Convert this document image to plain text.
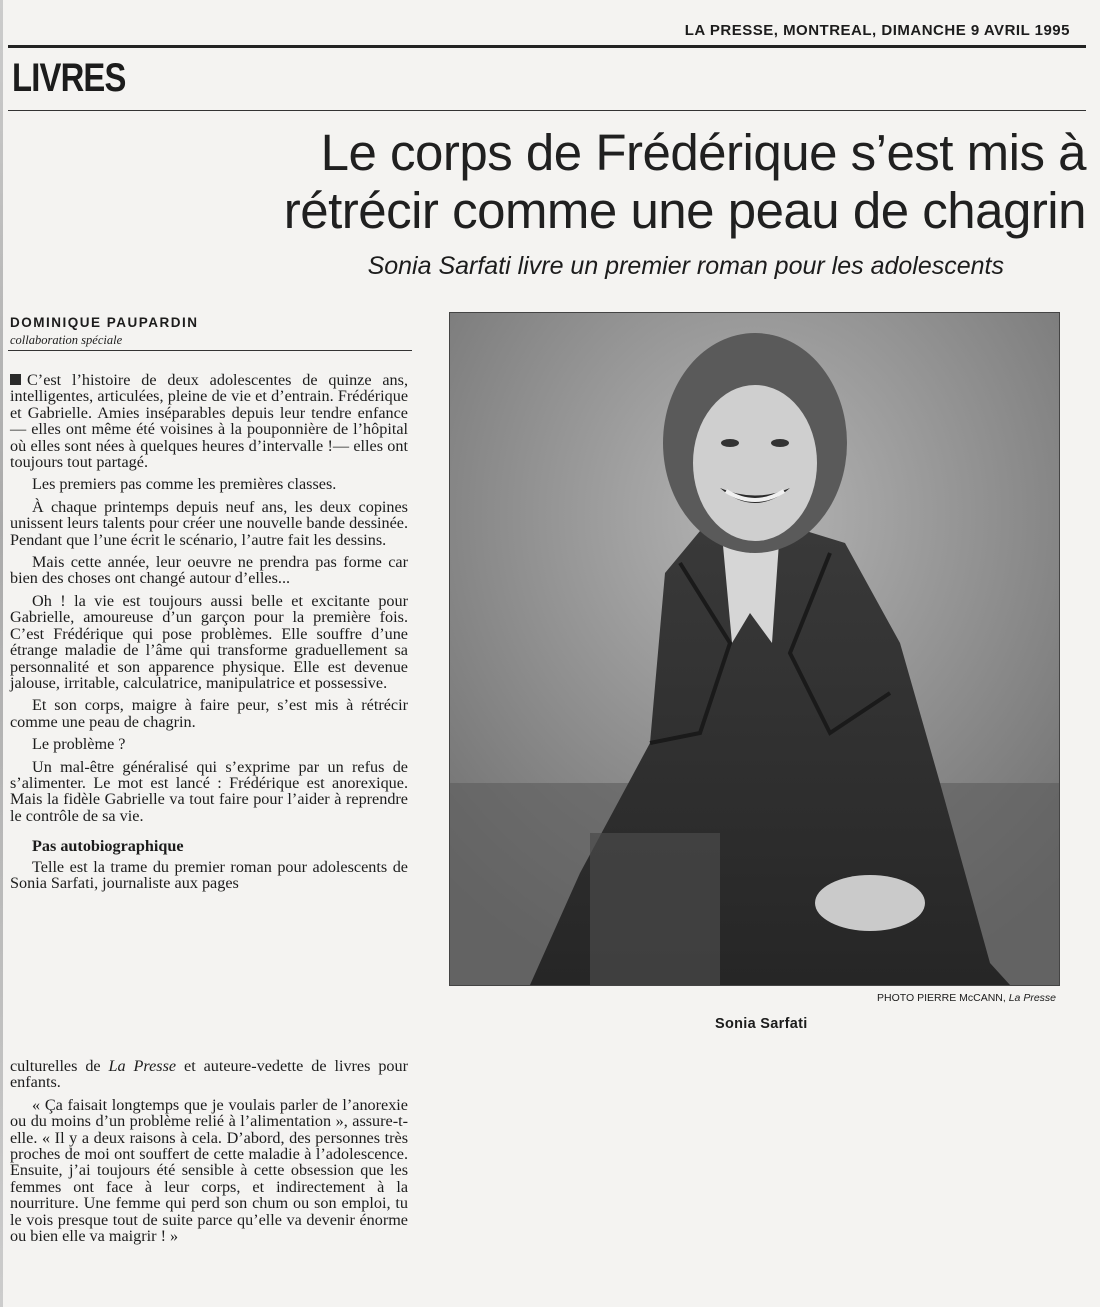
LA PRESSE, MONTREAL, DIMANCHE 9 AVRIL 1995
LIVRES
Le corps de Frédérique s’est mis à
rétrécir comme une peau de chagrin
Sonia Sarfati livre un premier roman pour les adolescents
DOMINIQUE PAUPARDIN
collaboration spéciale

C’est l’histoire de deux adolescentes de quinze ans, intelligentes, articulées, pleine de vie et d’entrain. Frédérique et Gabrielle. Amies inséparables depuis leur tendre enfance — elles ont même été voisines à la pouponnière de l’hôpital où elles sont nées à quelques heures d’intervalle !— elles ont toujours tout partagé.

Les premiers pas comme les premières classes.

À chaque printemps depuis neuf ans, les deux copines unissent leurs talents pour créer une nouvelle bande dessinée. Pendant que l’une écrit le scénario, l’autre fait les dessins.

Mais cette année, leur oeuvre ne prendra pas forme car bien des choses ont changé autour d’elles...

Oh ! la vie est toujours aussi belle et excitante pour Gabrielle, amoureuse d’un garçon pour la première fois. C’est Frédérique qui pose problèmes. Elle souffre d’une étrange maladie de l’âme qui transforme graduellement sa personnalité et son apparence physique. Elle est devenue jalouse, irritable, calculatrice, manipulatrice et possessive.

Et son corps, maigre à faire peur, s’est mis à rétrécir comme une peau de chagrin.

Le problème ?

Un mal-être généralisé qui s’exprime par un refus de s’alimenter. Le mot est lancé : Frédérique est anorexique. Mais la fidèle Gabrielle va tout faire pour l’aider à reprendre le contrôle de sa vie.

Pas autobiographique

Telle est la trame du premier roman pour adolescents de Sonia Sarfati, journaliste aux pages

culturelles de La Presse et auteure-vedette de livres pour enfants.

« Ça faisait longtemps que je voulais parler de l’anorexie ou du moins d’un problème relié à l’alimentation », assure-t-elle. « Il y a deux raisons à cela. D’abord, des personnes très proches de moi ont souffert de cette maladie à l’adolescence. Ensuite, j’ai toujours été sensible à cette obsession que les femmes ont face à leur corps, et indirectement à la nourriture. Une femme qui perd son chum ou son emploi, tu le vois presque tout de suite parce qu’elle va devenir énorme ou bien elle va maigrir ! »

PHOTO PIERRE McCANN, La Presse
Sonia Sarfati
